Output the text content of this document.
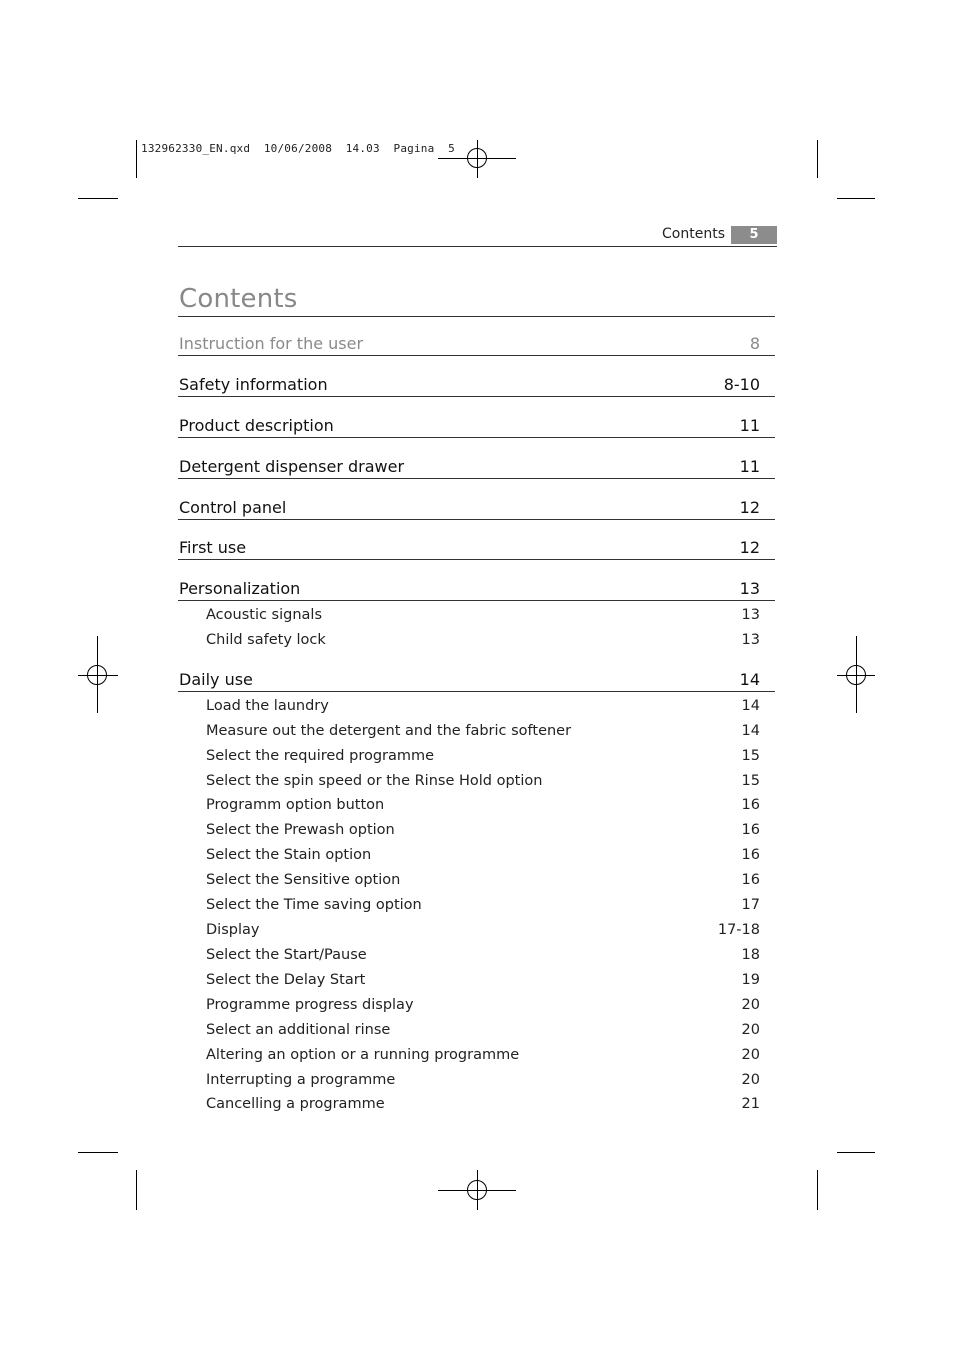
132962330_EN.qxd 10/06/2008 14.03 Pagina 5
Contents	5
Contents
Instruction for the user	8
Safety information	8-10
Product description	11
Detergent dispenser drawer	11
Control panel	12
First use	12
Personalization	13
Acoustic signals	13
Child safety lock	13
Daily use	14
Load the laundry	14
Measure out the detergent and the fabric softener	14
Select the required programme	15
Select the spin speed or the Rinse Hold option	15
Programm option button	16
Select the Prewash option	16
Select the Stain option	16
Select the Sensitive option	16
Select the Time saving option	17
Display	17-18
Select the Start/Pause	18
Select the Delay Start	19
Programme progress display	20
Select an additional rinse	20
Altering an option or a running programme	20
Interrupting a programme	20
Cancelling a programme	21
